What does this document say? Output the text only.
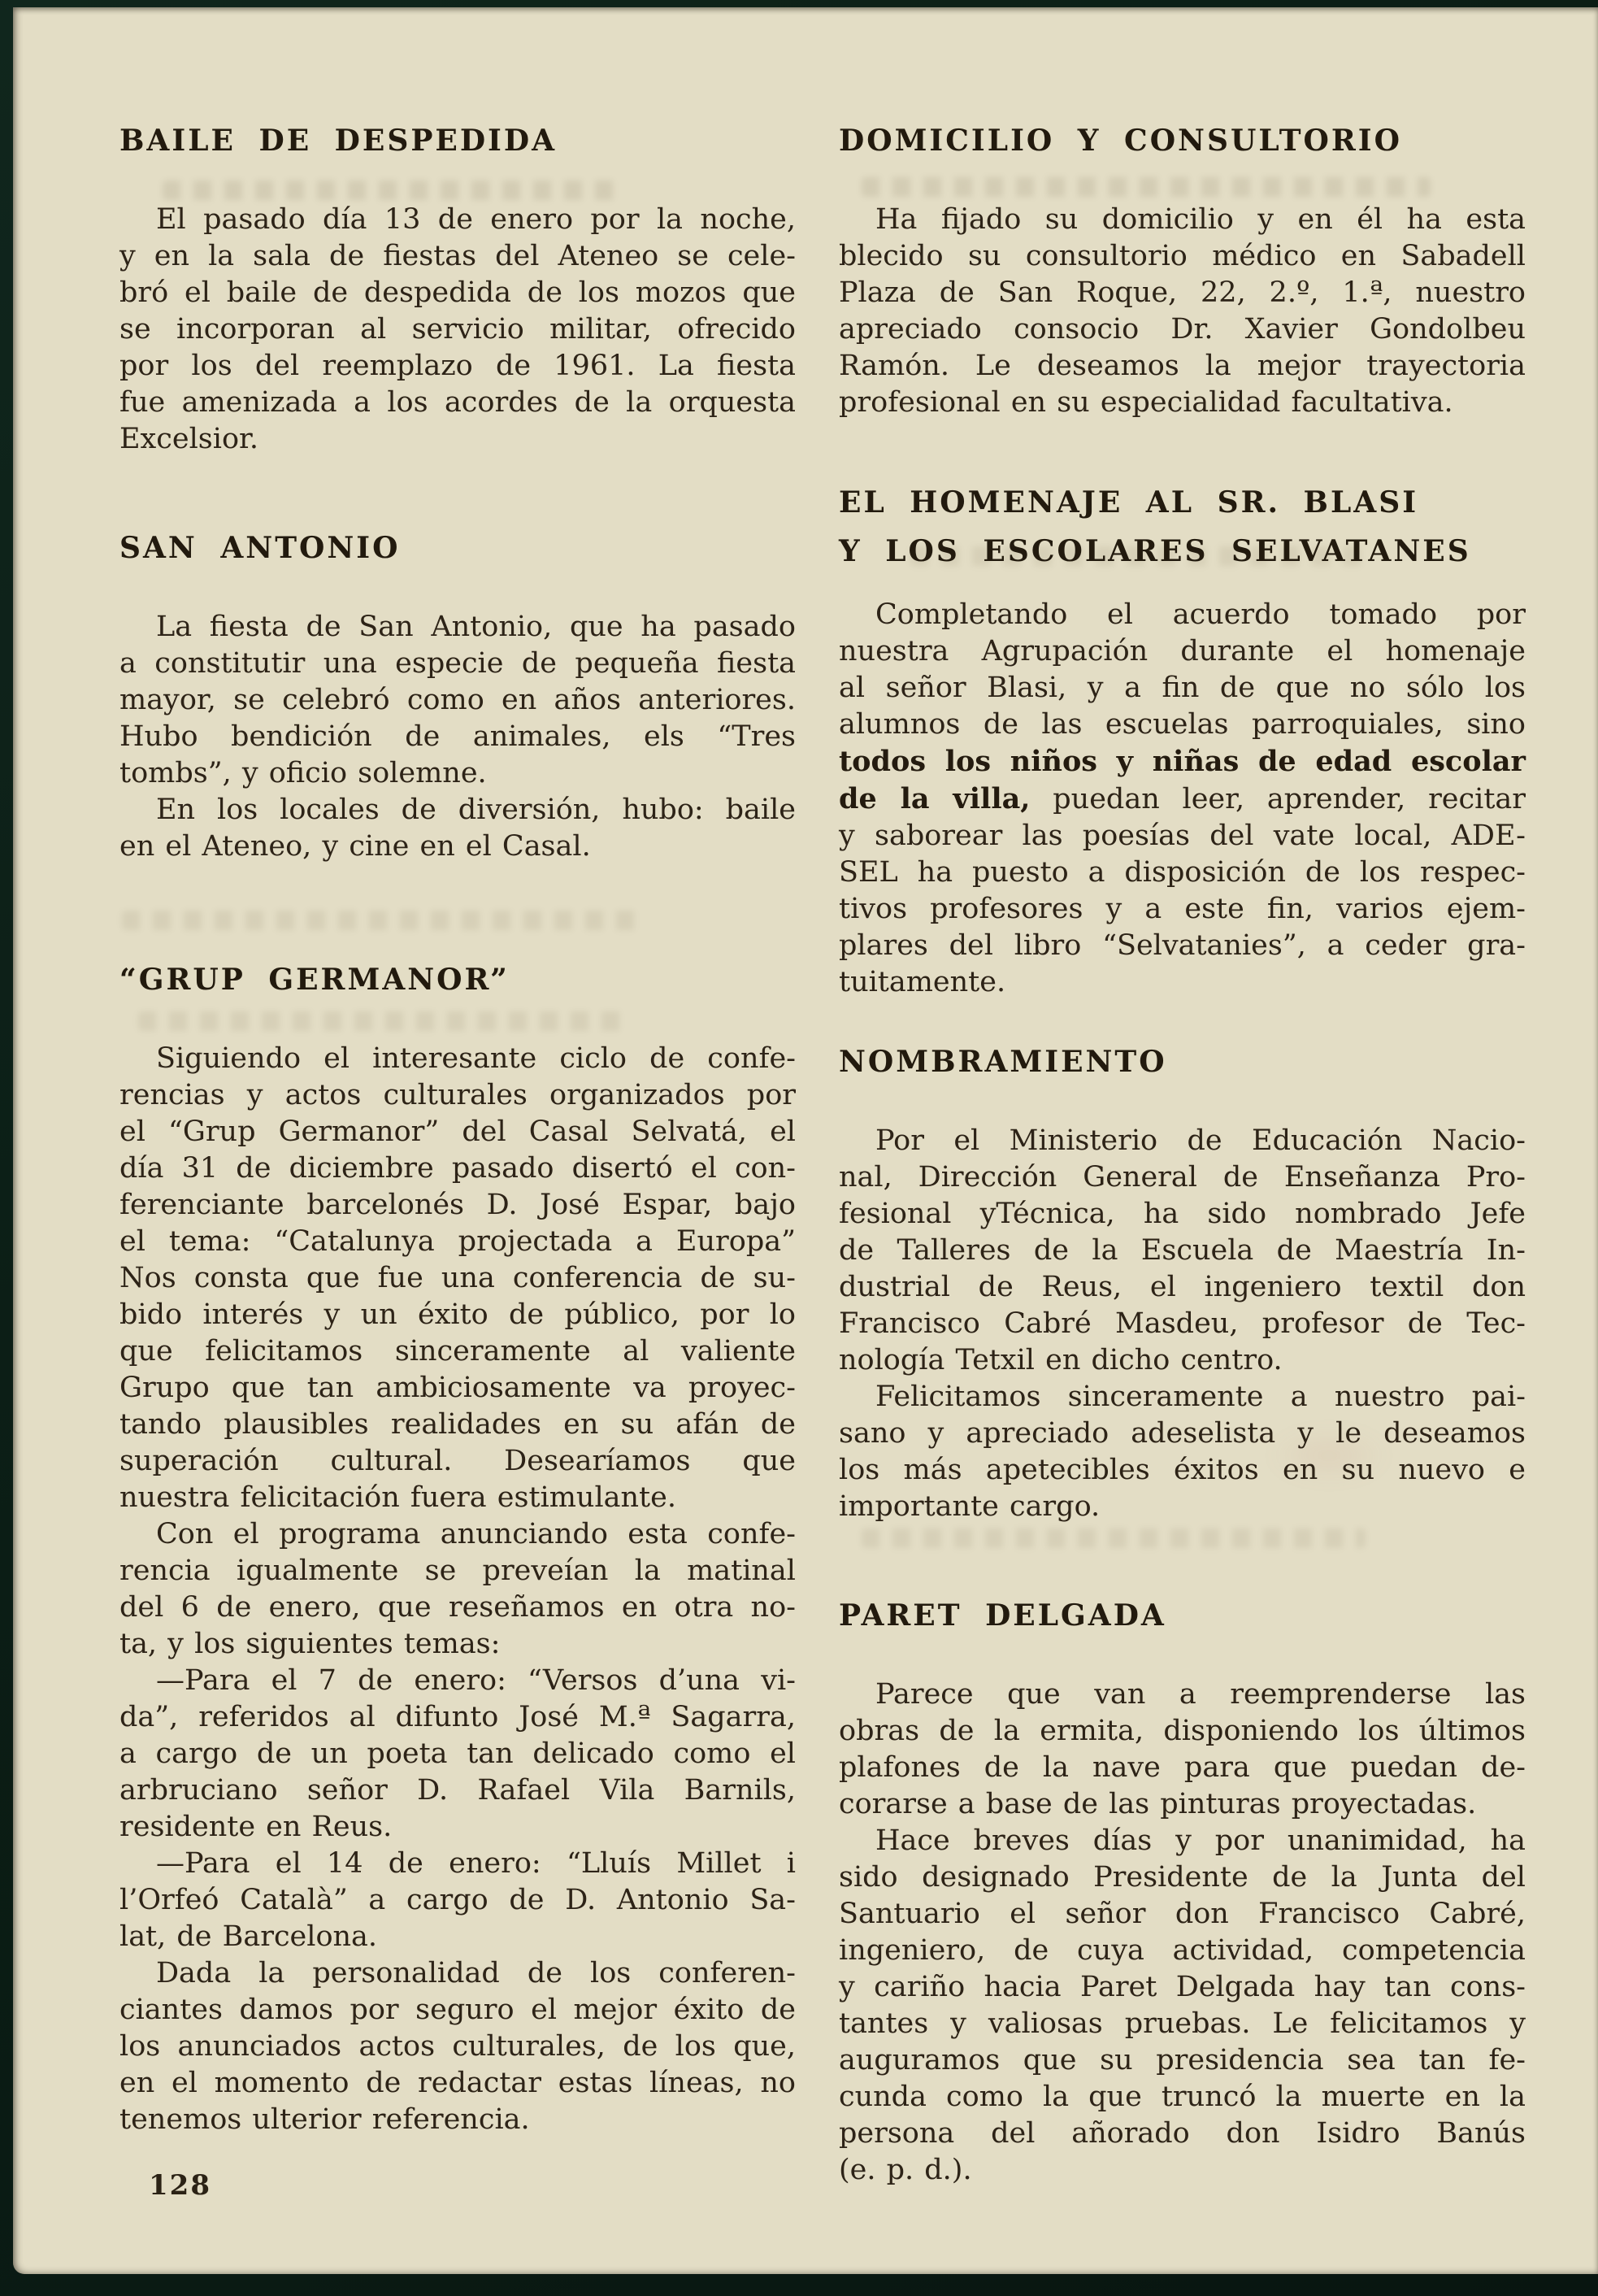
BAILE DE DESPEDIDA
El pasado día 13 de enero por la noche,
y en la sala de fiestas del Ateneo se cele-
bró el baile de despedida de los mozos que
se incorporan al servicio militar, ofrecido
por los del reemplazo de 1961. La fiesta
fue amenizada a los acordes de la orquesta
Excelsior.
SAN ANTONIO
La fiesta de San Antonio, que ha pasado
a constitutir una especie de pequeña fiesta
mayor, se celebró como en años anteriores.
Hubo bendición de animales, els “Tres
tombs”, y oficio solemne.
En los locales de diversión, hubo: baile
en el Ateneo, y cine en el Casal.
“GRUP GERMANOR”
Siguiendo el interesante ciclo de confe-
rencias y actos culturales organizados por
el “Grup Germanor” del Casal Selvatá, el
día 31 de diciembre pasado disertó el con-
ferenciante barcelonés D. José Espar, bajo
el tema: “Catalunya projectada a Europa”
Nos consta que fue una conferencia de su-
bido interés y un éxito de público, por lo
que felicitamos sinceramente al valiente
Grupo que tan ambiciosamente va proyec-
tando plausibles realidades en su afán de
superación cultural. Desearíamos que
nuestra felicitación fuera estimulante.
Con el programa anunciando esta confe-
rencia igualmente se preveían la matinal
del 6 de enero, que reseñamos en otra no-
ta, y los siguientes temas:
—Para el 7 de enero: “Versos d’una vi-
da”, referidos al difunto José M.ª Sagarra,
a cargo de un poeta tan delicado como el
arbruciano señor D. Rafael Vila Barnils,
residente en Reus.
—Para el 14 de enero: “Lluís Millet i
l’Orfeó Català” a cargo de D. Antonio Sa-
lat, de Barcelona.
Dada la personalidad de los conferen-
ciantes damos por seguro el mejor éxito de
los anunciados actos culturales, de los que,
en el momento de redactar estas líneas, no
tenemos ulterior referencia.
DOMICILIO Y CONSULTORIO
Ha fijado su domicilio y en él ha esta
blecido su consultorio médico en Sabadell
Plaza de San Roque, 22, 2.º, 1.ª, nuestro
apreciado consocio Dr. Xavier Gondolbeu
Ramón. Le deseamos la mejor trayectoria
profesional en su especialidad facultativa.
EL HOMENAJE AL SR. BLASI
Y LOS ESCOLARES SELVATANES
Completando el acuerdo tomado por
nuestra Agrupación durante el homenaje
al señor Blasi, y a fin de que no sólo los
alumnos de las escuelas parroquiales, sino
todos los niños y niñas de edad escolar
de la villa, puedan leer, aprender, recitar
y saborear las poesías del vate local, ADE-
SEL ha puesto a disposición de los respec-
tivos profesores y a este fin, varios ejem-
plares del libro “Selvatanies”, a ceder gra-
tuitamente.
NOMBRAMIENTO
Por el Ministerio de Educación Nacio-
nal, Dirección General de Enseñanza Pro-
fesional yTécnica, ha sido nombrado Jefe
de Talleres de la Escuela de Maestría In-
dustrial de Reus, el ingeniero textil don
Francisco Cabré Masdeu, profesor de Tec-
nología Tetxil en dicho centro.
Felicitamos sinceramente a nuestro pai-
sano y apreciado adeselista y le deseamos
los más apetecibles éxitos en su nuevo e
importante cargo.
PARET DELGADA
Parece que van a reemprenderse las
obras de la ermita, disponiendo los últimos
plafones de la nave para que puedan de-
corarse a base de las pinturas proyectadas.
Hace breves días y por unanimidad, ha
sido designado Presidente de la Junta del
Santuario el señor don Francisco Cabré,
ingeniero, de cuya actividad, competencia
y cariño hacia Paret Delgada hay tan cons-
tantes y valiosas pruebas. Le felicitamos y
auguramos que su presidencia sea tan fe-
cunda como la que truncó la muerte en la
persona del añorado don Isidro Banús
(e. p. d.).
128
